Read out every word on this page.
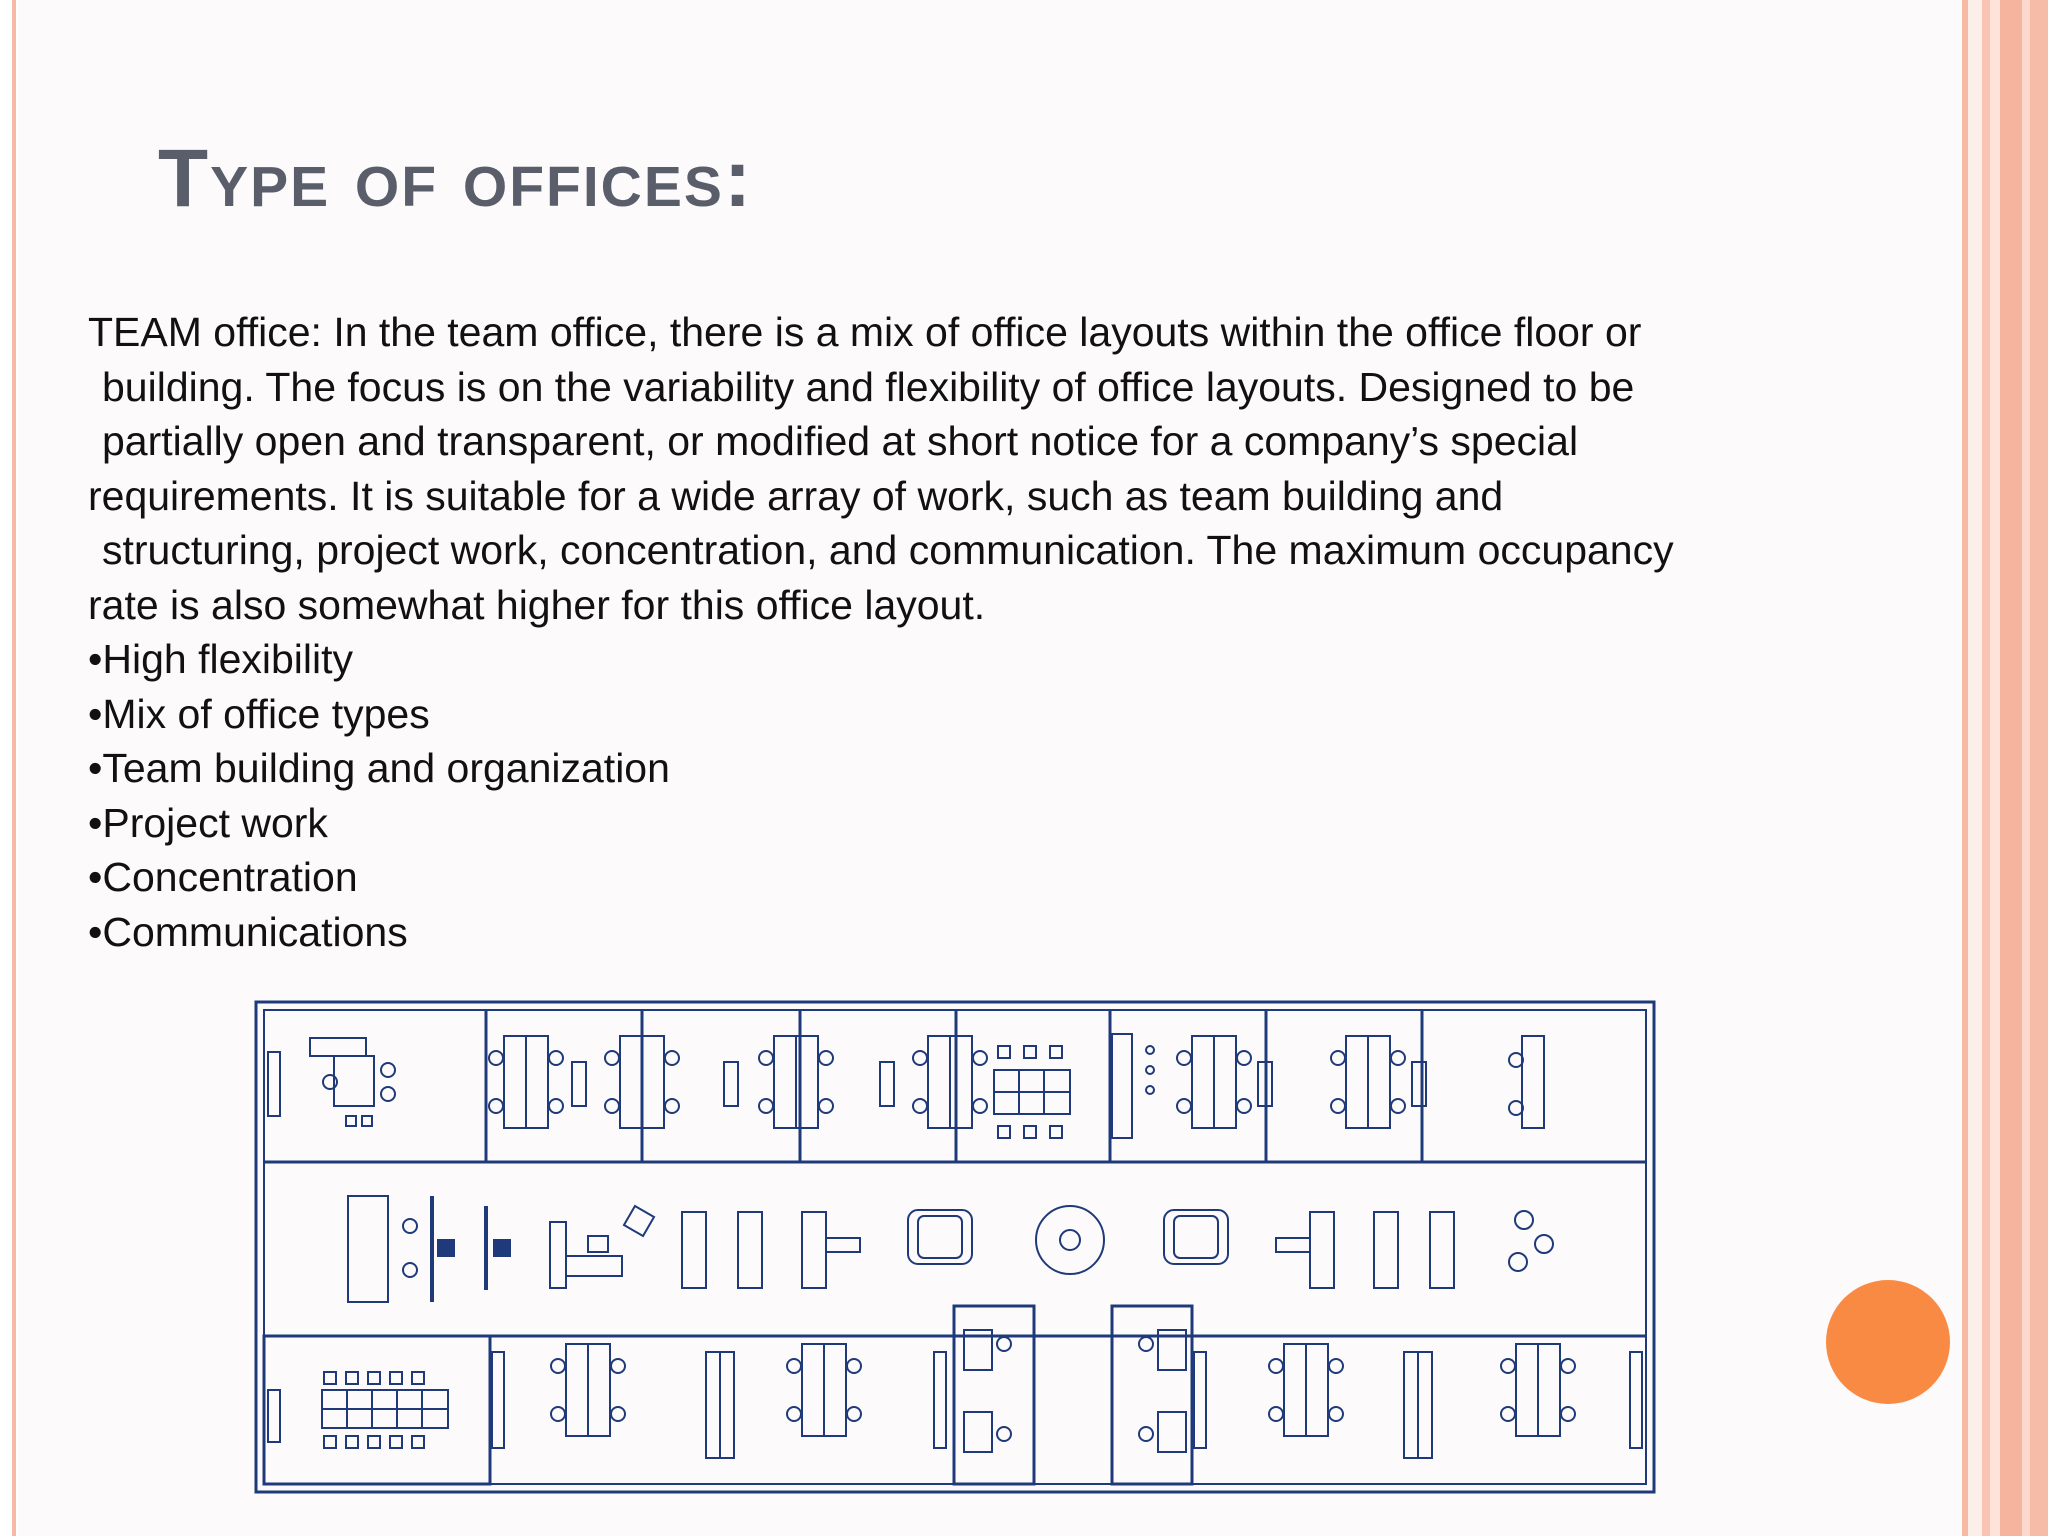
Type of offices:

TEAM office: In the team office, there is a mix of office layouts within the office floor or

building. The focus is on the variability and flexibility of office layouts. Designed to be

partially open and transparent, or modified at short notice for a company’s special

requirements. It is suitable for a wide array of work, such as team building and

structuring, project work, concentration, and communication. The maximum occupancy

rate is also somewhat higher for this office layout.

• High flexibility
• Mix of office types
• Team building and organization
• Project work
• Concentration
• Communications
